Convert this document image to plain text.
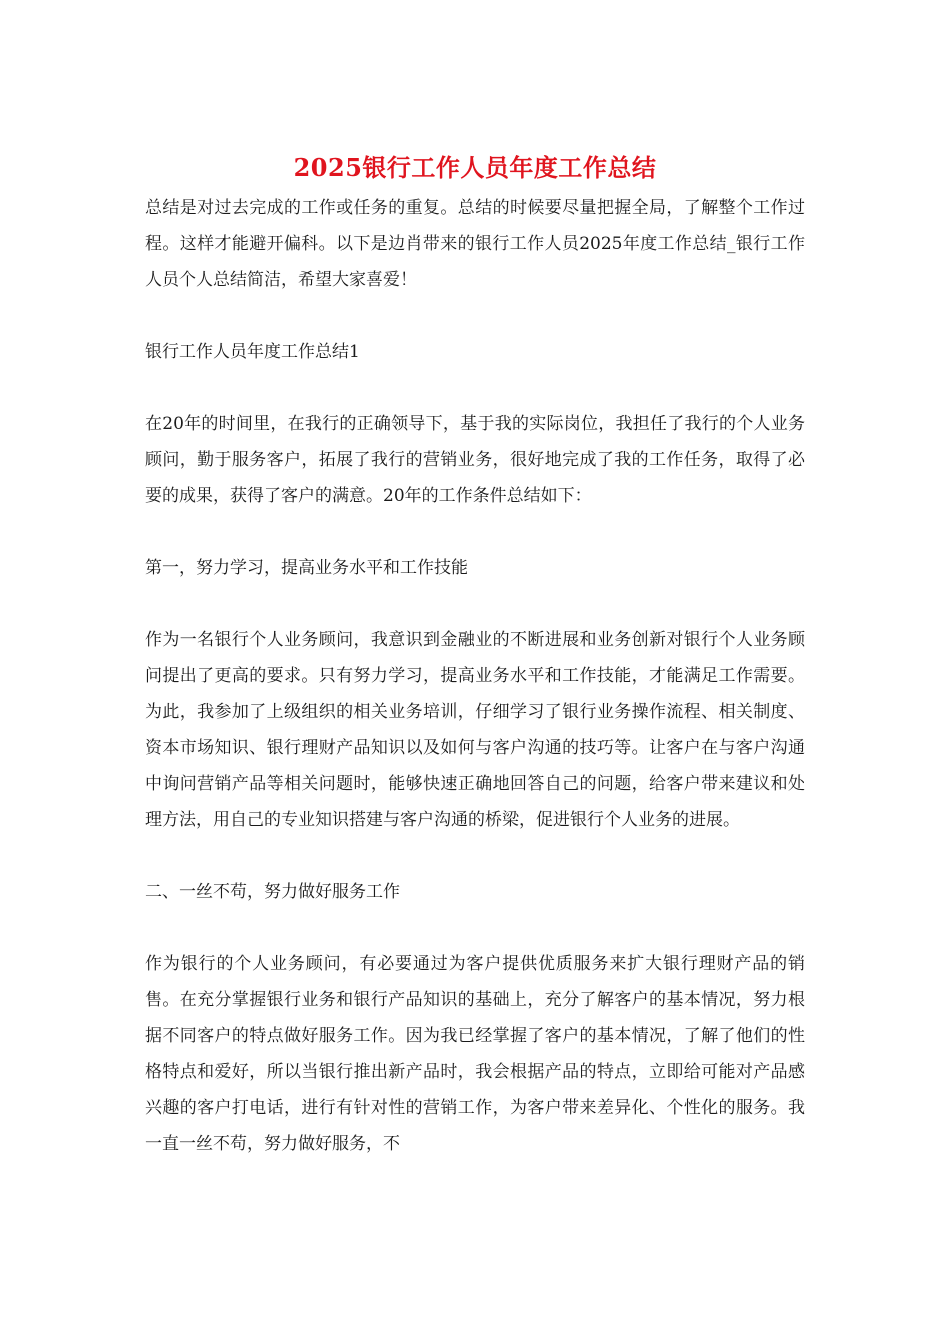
2025银行工作人员年度工作总结

总结是对过去完成的工作或任务的重复。总结的时候要尽量把握全局，了解整个工作过程。这样才能避开偏科。以下是边肖带来的银行工作人员2025年度工作总结_银行工作人员个人总结简洁，希望大家喜爱！

银行工作人员年度工作总结1

在20年的时间里，在我行的正确领导下，基于我的实际岗位，我担任了我行的个人业务顾问，勤于服务客户，拓展了我行的营销业务，很好地完成了我的工作任务，取得了必要的成果，获得了客户的满意。20年的工作条件总结如下：

第一，努力学习，提高业务水平和工作技能

作为一名银行个人业务顾问，我意识到金融业的不断进展和业务创新对银行个人业务顾问提出了更高的要求。只有努力学习，提高业务水平和工作技能，才能满足工作需要。为此，我参加了上级组织的相关业务培训，仔细学习了银行业务操作流程、相关制度、资本市场知识、银行理财产品知识以及如何与客户沟通的技巧等。让客户在与客户沟通中询问营销产品等相关问题时，能够快速正确地回答自己的问题，给客户带来建议和处理方法，用自己的专业知识搭建与客户沟通的桥梁，促进银行个人业务的进展。

二、一丝不苟，努力做好服务工作

作为银行的个人业务顾问，有必要通过为客户提供优质服务来扩大银行理财产品的销售。在充分掌握银行业务和银行产品知识的基础上，充分了解客户的基本情况，努力根据不同客户的特点做好服务工作。因为我已经掌握了客户的基本情况，了解了他们的性格特点和爱好，所以当银行推出新产品时，我会根据产品的特点，立即给可能对产品感兴趣的客户打电话，进行有针对性的营销工作，为客户带来差异化、个性化的服务。我一直一丝不苟，努力做好服务，不
